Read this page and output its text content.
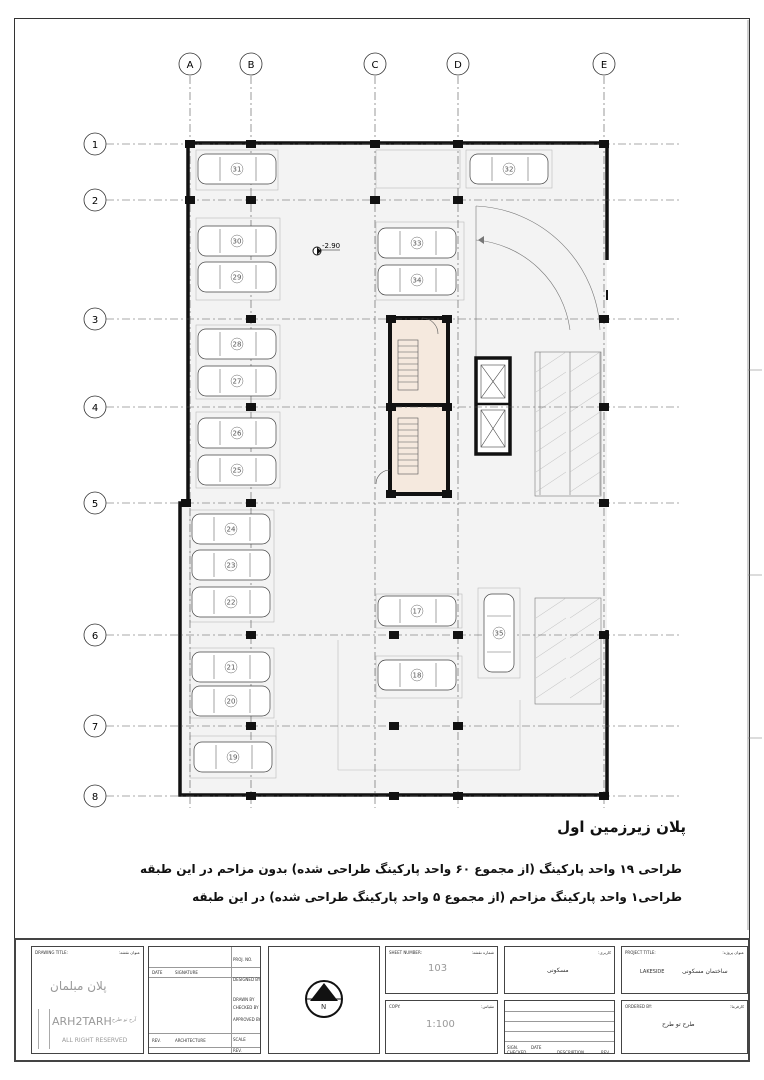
A	B	C	D	E
1
2
3
4
5
6
7
8
31	32
30
29
33
34
28
27
26
25
24
23
22
21
20
19
17
18
35
-2.90
پلان زیرزمین اول
طراحی ۱۹ واحد پارکینگ (از مجموع ۶۰ واحد پارکینگ طراحی شده) بدون مزاحم در این طبقه
طراحی۱ واحد پارکینگ مزاحم (از مجموع ۵ واحد پارکینگ طراحی شده) در این طبقه
DRAWING TITLE:	عنوان نقشه:
پلان مبلمان
ARH2TARH آرح تو طرح
ALL RIGHT RESERVED
DATE	SIGNATURE
PROJ. NO.
DESIGNED BY
DRAWN BY
CHECKED BY
APPROVED BY
SCALE
REV.	ARCHITECTURE
REV.
N
SHEET NUMBER:	شماره نقشه:
103
کاربری:
مسکونی
PROJECT TITLE:	عنوان پروژه:
LAKESIDE	ساختمان مسکونی
COPY:	مقیاس:
1:100
SIGN.
CHECKED
DATE
DESCRIPTION	REV.
ORDERED BY:	کارفرما:
طرح تو طرح
